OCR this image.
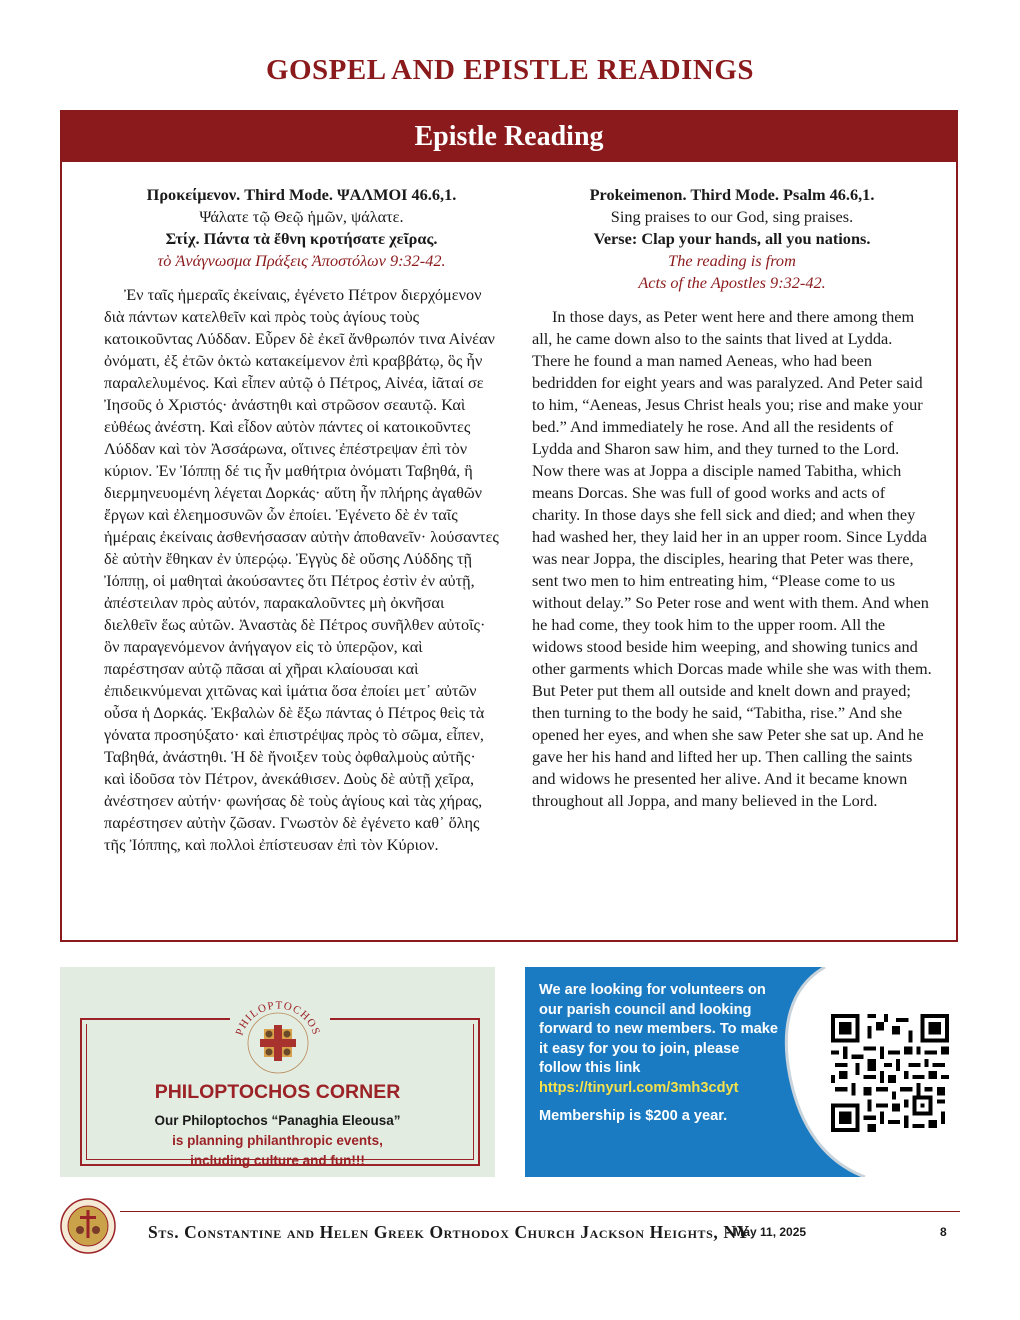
GOSPEL AND EPISTLE READINGS
Epistle Reading
Προκείμενον. Third Mode. ΨΑΛΜΟΙ 46.6,1.
Ψάλατε τῷ Θεῷ ἡμῶν, ψάλατε.
Στίχ. Πάντα τὰ ἔθνη κροτήσατε χεῖρας.
τὸ Ἀνάγνωσμα Πράξεις Ἀποστόλων 9:32-42.
Ἐν ταῖς ἡμεραῖς ἐκείναις, ἐγένετο Πέτρον διερχόμενον διὰ πάντων κατελθεῖν καὶ πρὸς τοὺς ἁγίους τοὺς κατοικοῦντας Λύδδαν. Εὗρεν δὲ ἐκεῖ ἄνθρωπόν τινα Αἰνέαν ὀνόματι, ἐξ ἐτῶν ὀκτὼ κατακείμενον ἐπὶ κραββάτῳ, ὃς ἦν παραλελυμένος. Καὶ εἶπεν αὐτῷ ὁ Πέτρος, Αἰνέα, ἰᾶταί σε Ἰησοῦς ὁ Χριστός· ἀνάστηθι καὶ στρῶσον σεαυτῷ. Καὶ εὐθέως ἀνέστη. Καὶ εἶδον αὐτὸν πάντες οἱ κατοικοῦντες Λύδδαν καὶ τὸν Ἀσσάρωνα, οἵτινες ἐπέστρεψαν ἐπὶ τὸν κύριον. Ἐν Ἰόππῃ δέ τις ἦν μαθήτρια ὀνόματι Ταβηθά, ἣ διερμηνευομένη λέγεται Δορκάς· αὕτη ἦν πλήρης ἀγαθῶν ἔργων καὶ ἐλεημοσυνῶν ὧν ἐποίει. Ἐγένετο δὲ ἐν ταῖς ἡμέραις ἐκείναις ἀσθενήσασαν αὐτὴν ἀποθανεῖν· λούσαντες δὲ αὐτὴν ἔθηκαν ἐν ὑπερῴῳ. Ἐγγὺς δὲ οὔσης Λύδδης τῇ Ἰόππῃ, οἱ μαθηταὶ ἀκούσαντες ὅτι Πέτρος ἐστὶν ἐν αὐτῇ, ἀπέστειλαν πρὸς αὐτόν, παρακαλοῦντες μὴ ὀκνῆσαι διελθεῖν ἕως αὐτῶν. Ἀναστὰς δὲ Πέτρος συνῆλθεν αὐτοῖς· ὃν παραγενόμενον ἀνήγαγον εἰς τὸ ὑπερῷον, καὶ παρέστησαν αὐτῷ πᾶσαι αἱ χῆραι κλαίουσαι καὶ ἐπιδεικνύμεναι χιτῶνας καὶ ἱμάτια ὅσα ἐποίει μετ᾽ αὐτῶν οὖσα ἡ Δορκάς. Ἐκβαλὼν δὲ ἔξω πάντας ὁ Πέτρος θεὶς τὰ γόνατα προσηύξατο· καὶ ἐπιστρέψας πρὸς τὸ σῶμα, εἶπεν, Ταβηθά, ἀνάστηθι. Ἡ δὲ ἤνοιξεν τοὺς ὀφθαλμοὺς αὐτῆς· καὶ ἰδοῦσα τὸν Πέτρον, ἀνεκάθισεν. Δοὺς δὲ αὐτῇ χεῖρα, ἀνέστησεν αὐτήν· φωνήσας δὲ τοὺς ἁγίους καὶ τὰς χήρας, παρέστησεν αὐτὴν ζῶσαν. Γνωστὸν δὲ ἐγένετο καθ᾽ ὅλης τῆς Ἰόππης, καὶ πολλοὶ ἐπίστευσαν ἐπὶ τὸν Κύριον.
Prokeimenon. Third Mode. Psalm 46.6,1.
Sing praises to our God, sing praises.
Verse: Clap your hands, all you nations.
The reading is from
Acts of the Apostles 9:32-42.
In those days, as Peter went here and there among them all, he came down also to the saints that lived at Lydda. There he found a man named Aeneas, who had been bedridden for eight years and was paralyzed. And Peter said to him, “Aeneas, Jesus Christ heals you; rise and make your bed.” And immediately he rose. And all the residents of Lydda and Sharon saw him, and they turned to the Lord. Now there was at Joppa a disciple named Tabitha, which means Dorcas. She was full of good works and acts of charity. In those days she fell sick and died; and when they had washed her, they laid her in an upper room. Since Lydda was near Joppa, the disciples, hearing that Peter was there, sent two men to him entreating him, “Please come to us without delay.” So Peter rose and went with them. And when he had come, they took him to the upper room. All the widows stood beside him weeping, and showing tunics and other garments which Dorcas made while she was with them. But Peter put them all outside and knelt down and prayed; then turning to the body he said, “Tabitha, rise.” And she opened her eyes, and when she saw Peter she sat up. And he gave her his hand and lifted her up. Then calling the saints and widows he presented her alive. And it became known throughout all Joppa, and many believed in the Lord.
PHILOPTOCHOS
PHILOPTOCHOS CORNER
Our Philoptochos “Panaghia Eleousa”
is planning philanthropic events,
including culture and fun!!!
We are looking for volunteers on our parish council and looking forward to new members. To make it easy for you to join, please follow this link
https://tinyurl.com/3mh3cdyt
Membership is $200 a year.
Sts. Constantine and Helen Greek Orthodox Church Jackson Heights, NY
- May 11, 2025	8
